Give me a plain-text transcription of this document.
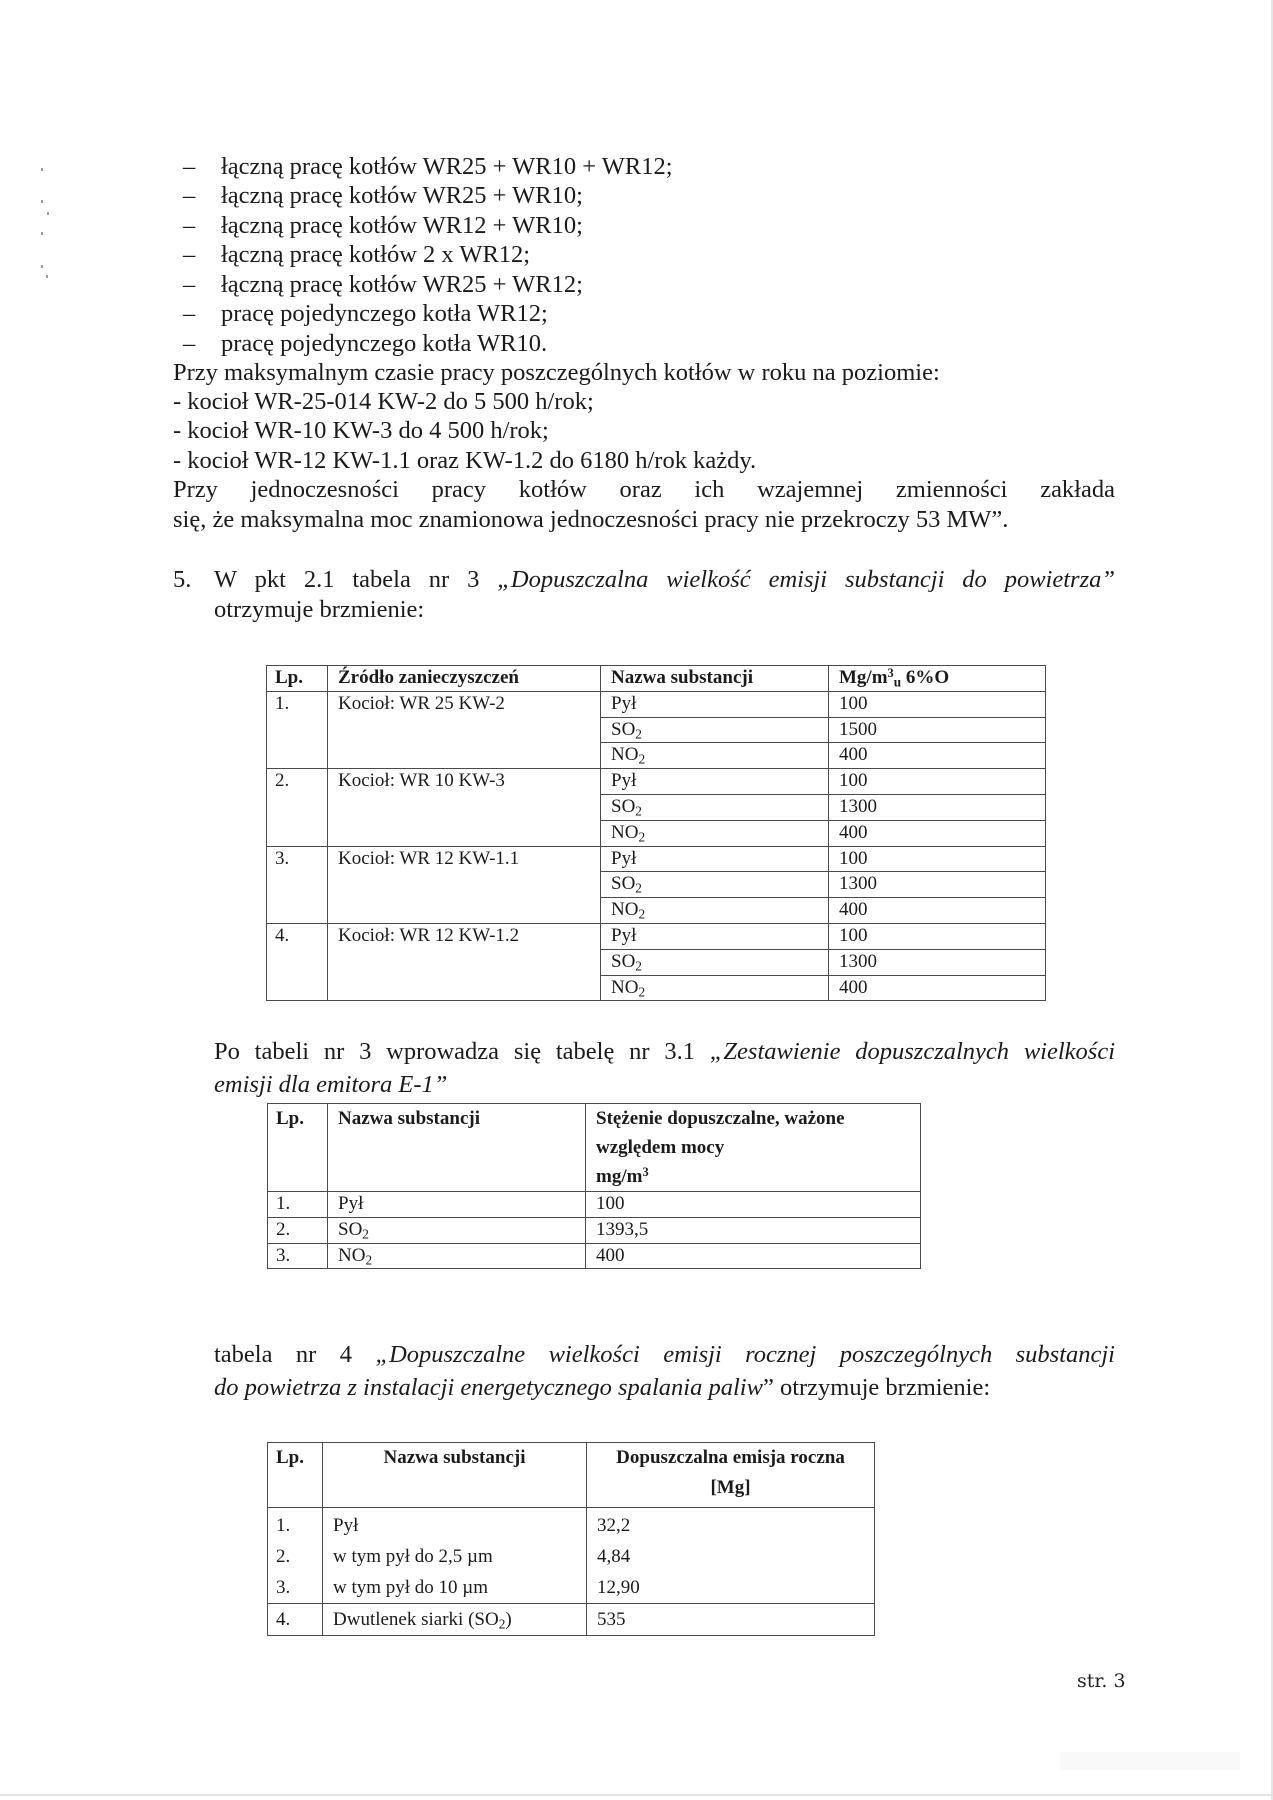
– łączną pracę kotłów WR25 + WR10 + WR12;
– łączną pracę kotłów WR25 + WR10;
– łączną pracę kotłów WR12 + WR10;
– łączną pracę kotłów 2 x WR12;
– łączną pracę kotłów WR25 + WR12;
– pracę pojedynczego kotła WR12;
– pracę pojedynczego kotła WR10.
Przy maksymalnym czasie pracy poszczególnych kotłów w roku na poziomie:
- kocioł WR-25-014 KW-2 do 5 500 h/rok;
- kocioł WR-10 KW-3 do 4 500 h/rok;
- kocioł WR-12 KW-1.1 oraz KW-1.2 do 6180 h/rok każdy.
Przy jednoczesności pracy kotłów oraz ich wzajemnej zmienności zakłada
się, że maksymalna moc znamionowa jednoczesności pracy nie przekroczy 53 MW”.
5. W pkt 2.1 tabela nr 3 „Dopuszczalna wielkość emisji substancji do powietrza”
otrzymuje brzmienie:
Lp.	Źródło zanieczyszczeń	Nazwa substancji	$Mg/m^3_u$ 6%O
1.	Kocioł: WR 25 KW-2	Pył	100
		$SO_2$	1500
		$NO_2$	400
2.	Kocioł: WR 10 KW-3	Pył	100
		$SO_2$	1300
		$NO_2$	400
3.	Kocioł: WR 12 KW-1.1	Pył	100
		$SO_2$	1300
		$NO_2$	400
4.	Kocioł: WR 12 KW-1.2	Pył	100
		$SO_2$	1300
		$NO_2$	400
Po tabeli nr 3 wprowadza się tabelę nr 3.1 „Zestawienie dopuszczalnych wielkości
emisji dla emitora E-1”
Lp.	Nazwa substancji	Stężenie dopuszczalne, ważone
względem mocy
$mg/m^3$

1.	Pył	100
2.	$SO_2$	1393,5
3.	$NO_2$	400
tabela nr 4 „Dopuszczalne wielkości emisji rocznej poszczególnych substancji
do powietrza z instalacji energetycznego spalania paliw” otrzymuje brzmienie:
Lp.	Nazwa substancji	Dopuszczalna emisja roczna
[Mg]

1.	Pył	32,2
2.	w tym pył do 2,5 µm	4,84
3.	w tym pył do 10 µm	12,90
4.	Dwutlenek siarki $(SO_2)$	535
str. 3
